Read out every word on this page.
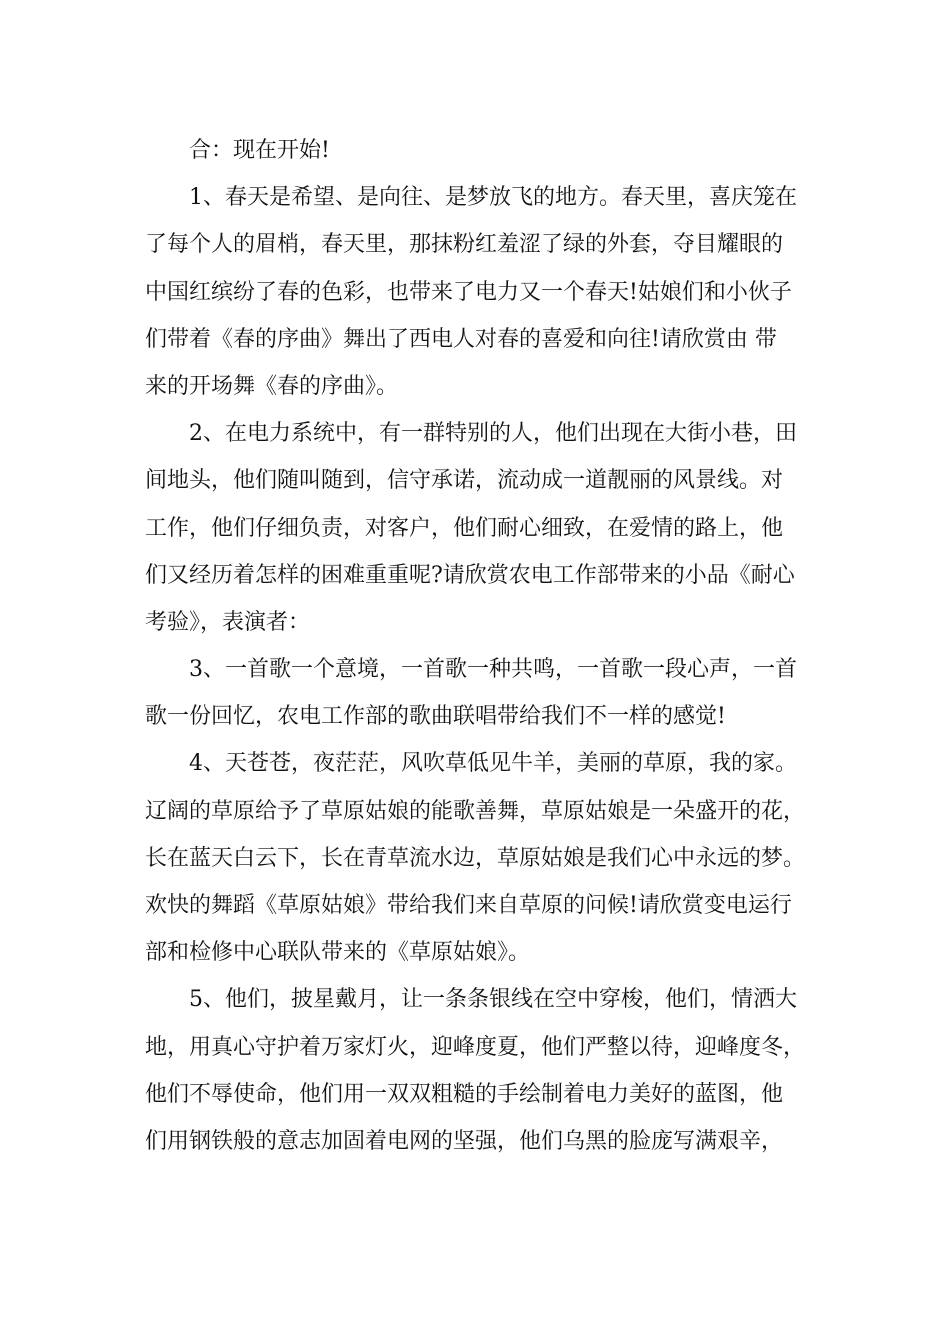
合：现在开始!
1、春天是希望、是向往、是梦放飞的地方。春天里，喜庆笼在
了每个人的眉梢，春天里，那抹粉红羞涩了绿的外套，夺目耀眼的
中国红缤纷了春的色彩，也带来了电力又一个春天!姑娘们和小伙子
们带着《春的序曲》舞出了西电人对春的喜爱和向往!请欣赏由 带
来的开场舞《春的序曲》。
2、在电力系统中，有一群特别的人，他们出现在大街小巷，田
间地头，他们随叫随到，信守承诺，流动成一道靓丽的风景线。对
工作，他们仔细负责，对客户，他们耐心细致，在爱情的路上，他
们又经历着怎样的困难重重呢?请欣赏农电工作部带来的小品《耐心
考验》，表演者：
3、一首歌一个意境，一首歌一种共鸣，一首歌一段心声，一首
歌一份回忆，农电工作部的歌曲联唱带给我们不一样的感觉!
4、天苍苍，夜茫茫，风吹草低见牛羊，美丽的草原，我的家。
辽阔的草原给予了草原姑娘的能歌善舞，草原姑娘是一朵盛开的花，
长在蓝天白云下，长在青草流水边，草原姑娘是我们心中永远的梦。
欢快的舞蹈《草原姑娘》带给我们来自草原的问候!请欣赏变电运行
部和检修中心联队带来的《草原姑娘》。
5、他们，披星戴月，让一条条银线在空中穿梭，他们，情洒大
地，用真心守护着万家灯火，迎峰度夏，他们严整以待，迎峰度冬，
他们不辱使命，他们用一双双粗糙的手绘制着电力美好的蓝图，他
们用钢铁般的意志加固着电网的坚强，他们乌黑的脸庞写满艰辛，
